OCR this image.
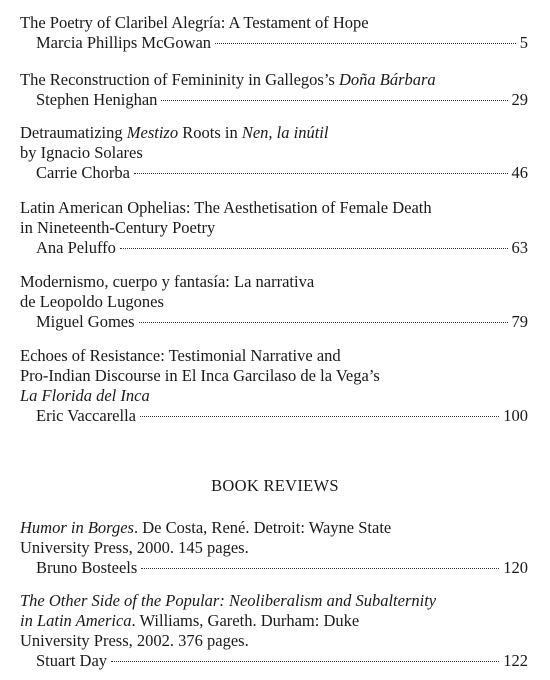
The Poetry of Claribel Alegría: A Testament of Hope
Marcia Phillips McGowan	5
The Reconstruction of Femininity in Gallegos’s Doña Bárbara
Stephen Henighan	29
Detraumatizing Mestizo Roots in Nen, la inútil
by Ignacio Solares
Carrie Chorba	46
Latin American Ophelias: The Aesthetisation of Female Death
in Nineteenth-Century Poetry
Ana Peluffo	63
Modernismo, cuerpo y fantasía: La narrativa
de Leopoldo Lugones
Miguel Gomes	79
Echoes of Resistance: Testimonial Narrative and
Pro-Indian Discourse in El Inca Garcilaso de la Vega’s
La Florida del Inca
Eric Vaccarella	100
BOOK REVIEWS
Humor in Borges. De Costa, René. Detroit: Wayne State
University Press, 2000. 145 pages.
Bruno Bosteels	120
The Other Side of the Popular: Neoliberalism and Subalternity
in Latin America. Williams, Gareth. Durham: Duke
University Press, 2002. 376 pages.
Stuart Day	122
